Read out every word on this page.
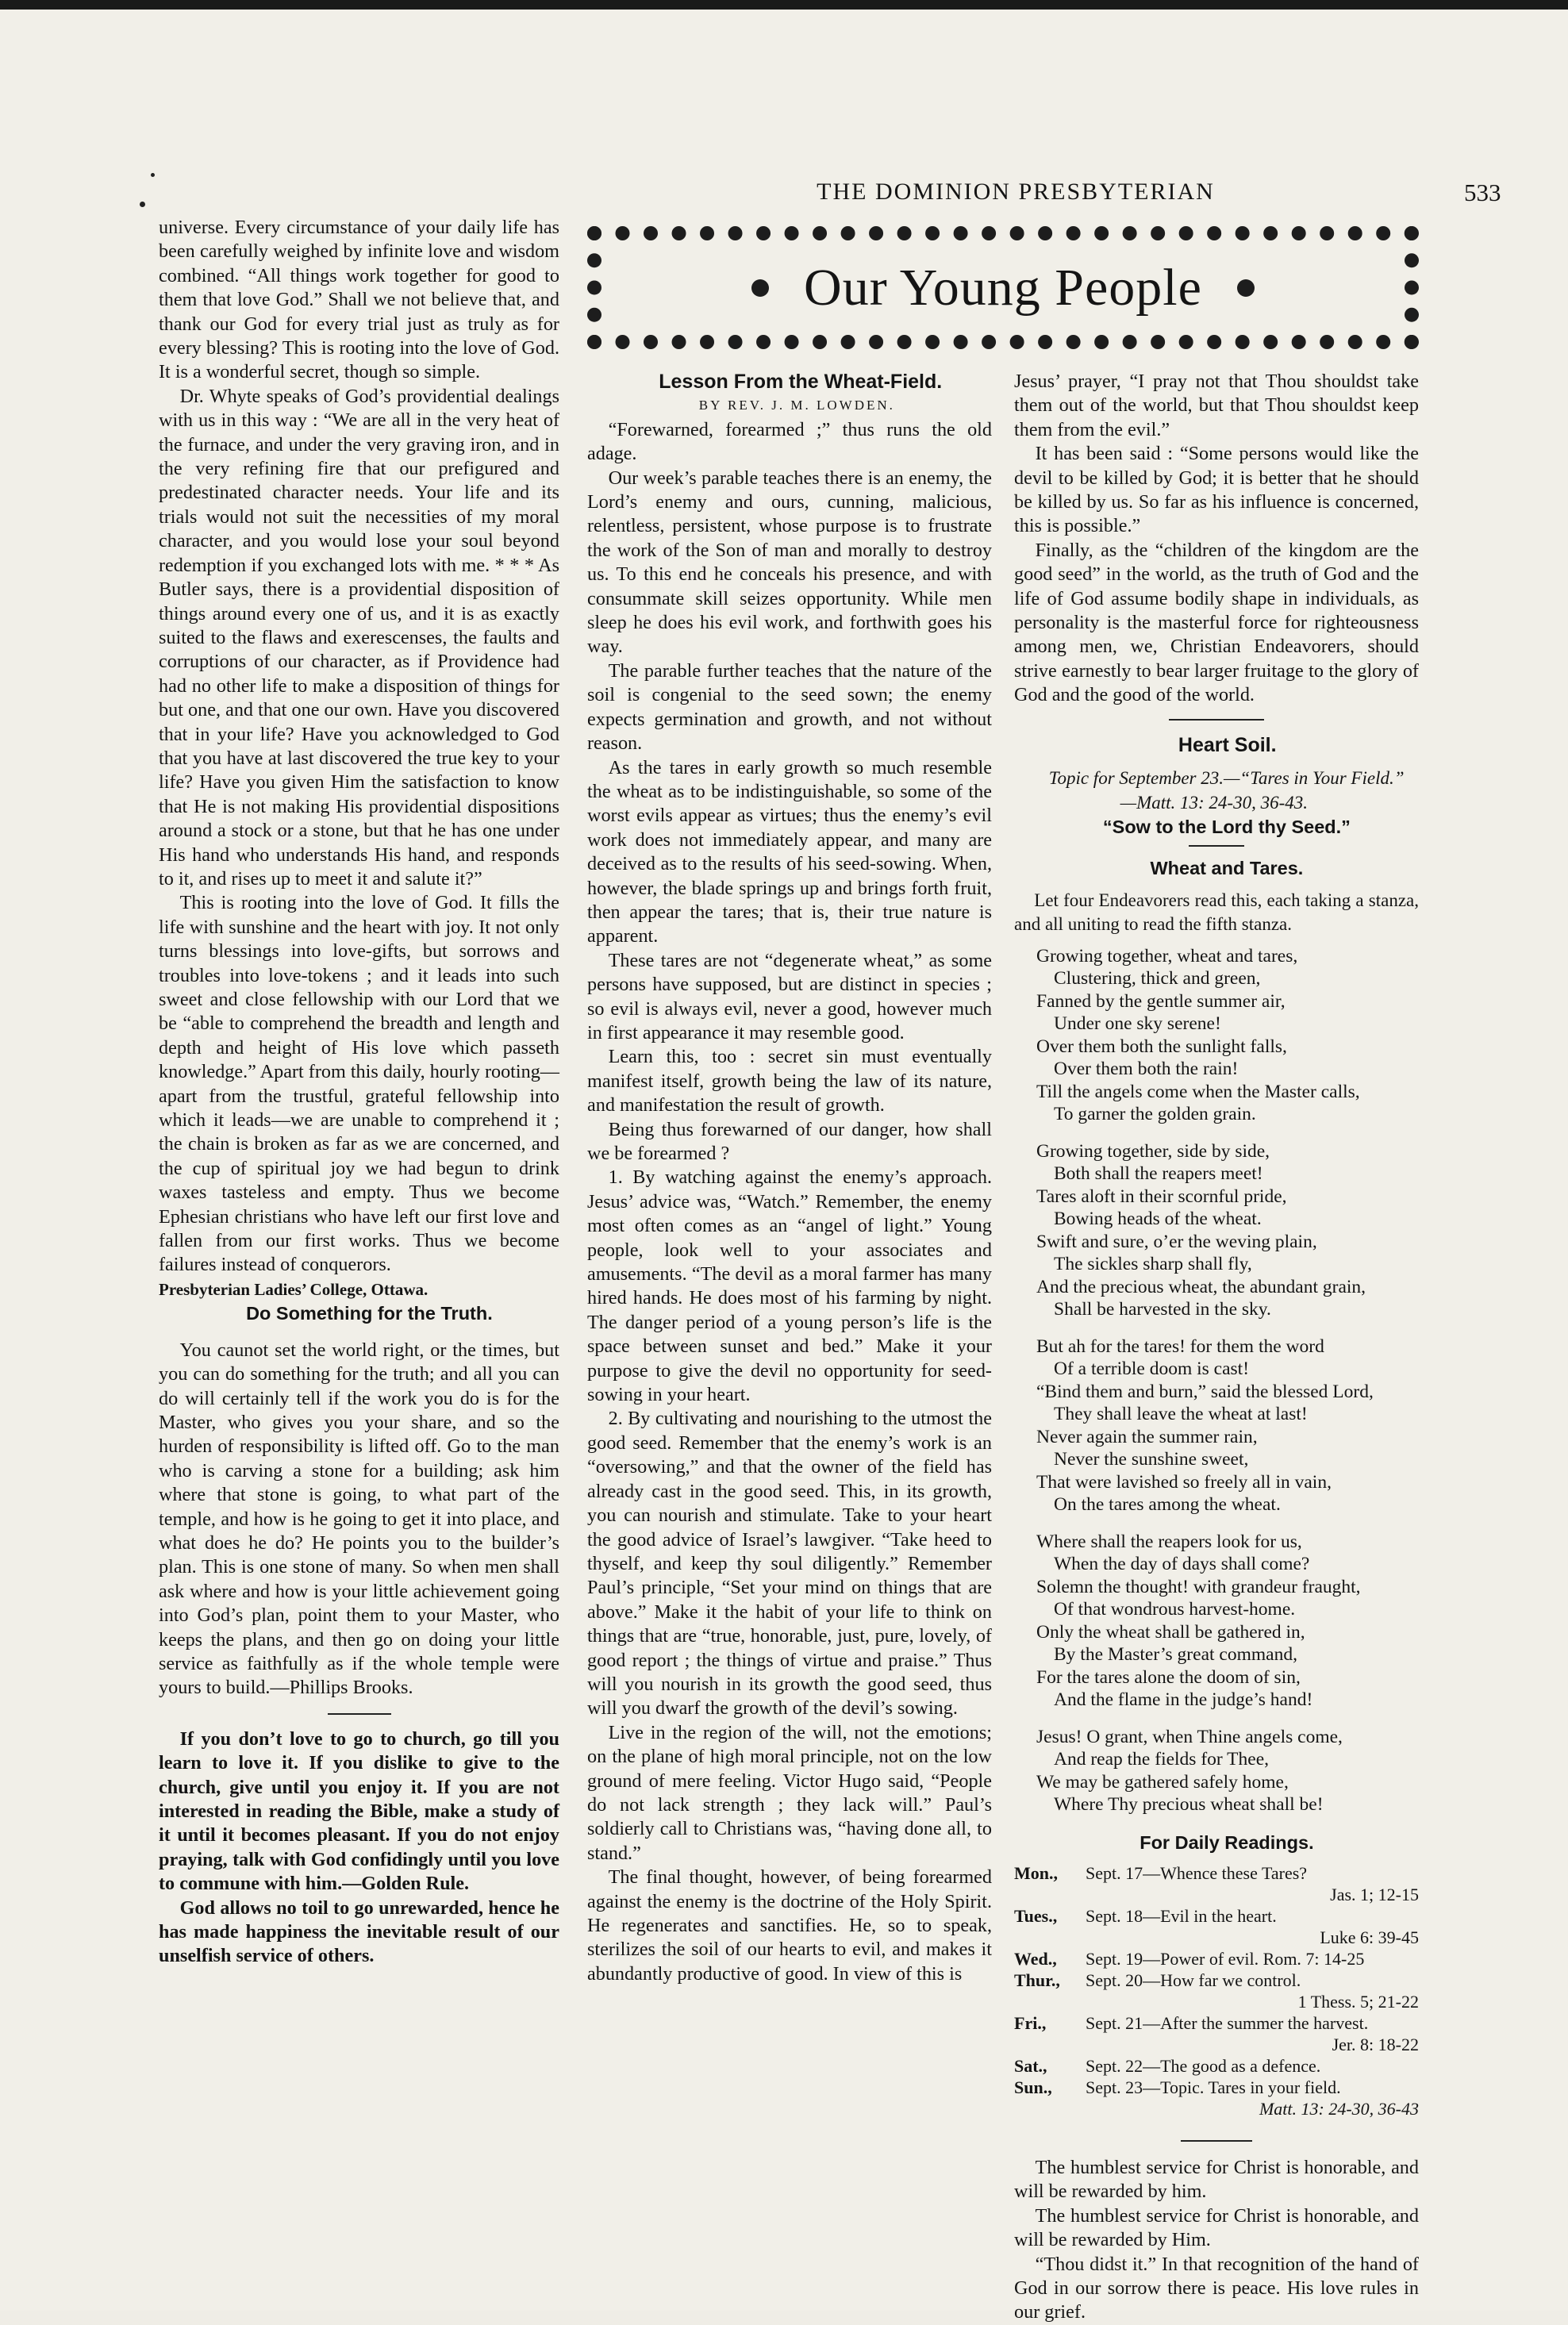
THE DOMINION PRESBYTERIAN	533

universe. Every circumstance of your daily life has been carefully weighed by infinite love and wisdom combined. “All things work together for good to them that love God.” Shall we not believe that, and thank our God for every trial just as truly as for every blessing? This is rooting into the love of God. It is a wonderful secret, though so simple.

Dr. Whyte speaks of God’s providential dealings with us in this way : “We are all in the very heat of the furnace, and under the very graving iron, and in the very refining fire that our prefigured and predestinated character needs. Your life and its trials would not suit the necessities of my moral character, and you would lose your soul beyond redemption if you exchanged lots with me. * * * As Butler says, there is a providential disposition of things around every one of us, and it is as exactly suited to the flaws and exerescenses, the faults and corruptions of our character, as if Providence had had no other life to make a disposition of things for but one, and that one our own. Have you discovered that in your life? Have you acknowledged to God that you have at last discovered the true key to your life? Have you given Him the satisfaction to know that He is not making His providential dispositions around a stock or a stone, but that he has one under His hand who understands His hand, and responds to it, and rises up to meet it and salute it?”

This is rooting into the love of God. It fills the life with sunshine and the heart with joy. It not only turns blessings into love-gifts, but sorrows and troubles into love-tokens ; and it leads into such sweet and close fellowship with our Lord that we be “able to comprehend the breadth and length and depth and height of His love which passeth knowledge.” Apart from this daily, hourly rooting—apart from the trustful, grateful fellowship into which it leads—we are unable to comprehend it ; the chain is broken as far as we are concerned, and the cup of spiritual joy we had begun to drink waxes tasteless and empty. Thus we become Ephesian christians who have left our first love and fallen from our first works. Thus we become failures instead of conquerors.

Presbyterian Ladies’ College, Ottawa.

Do Something for the Truth.

You caunot set the world right, or the times, but you can do something for the truth; and all you can do will certainly tell if the work you do is for the Master, who gives you your share, and so the hurden of responsibility is lifted off. Go to the man who is carving a stone for a building; ask him where that stone is going, to what part of the temple, and how is he going to get it into place, and what does he do? He points you to the builder’s plan. This is one stone of many. So when men shall ask where and how is your little achievement going into God’s plan, point them to your Master, who keeps the plans, and then go on doing your little service as faithfully as if the whole temple were yours to build.—Phillips Brooks.

If you don’t love to go to church, go till you learn to love it. If you dislike to give to the church, give until you enjoy it. If you are not interested in reading the Bible, make a study of it until it becomes pleasant. If you do not enjoy praying, talk with God confidingly until you love to commune with him.—Golden Rule.

God allows no toil to go unrewarded, hence he has made happiness the inevitable result of our unselfish service of others.

Our Young People

Lesson From the Wheat-Field.

BY REV. J. M. LOWDEN.

“Forewarned, forearmed ;” thus runs the old adage.

Our week’s parable teaches there is an enemy, the Lord’s enemy and ours, cunning, malicious, relentless, persistent, whose purpose is to frustrate the work of the Son of man and morally to destroy us. To this end he conceals his presence, and with consummate skill seizes opportunity. While men sleep he does his evil work, and forthwith goes his way.

The parable further teaches that the nature of the soil is congenial to the seed sown; the enemy expects germination and growth, and not without reason.

As the tares in early growth so much resemble the wheat as to be indistinguishable, so some of the worst evils appear as virtues; thus the enemy’s evil work does not immediately appear, and many are deceived as to the results of his seed-sowing. When, however, the blade springs up and brings forth fruit, then appear the tares; that is, their true nature is apparent.

These tares are not “degenerate wheat,” as some persons have supposed, but are distinct in species ; so evil is always evil, never a good, however much in first appearance it may resemble good.

Learn this, too : secret sin must eventually manifest itself, growth being the law of its nature, and manifestation the result of growth.

Being thus forewarned of our danger, how shall we be forearmed ?

1. By watching against the enemy’s approach. Jesus’ advice was, “Watch.” Remember, the enemy most often comes as an “angel of light.” Young people, look well to your associates and amusements. “The devil as a moral farmer has many hired hands. He does most of his farming by night. The danger period of a young person’s life is the space between sunset and bed.” Make it your purpose to give the devil no opportunity for seed-sowing in your heart.

2. By cultivating and nourishing to the utmost the good seed. Remember that the enemy’s work is an “oversowing,” and that the owner of the field has already cast in the good seed. This, in its growth, you can nourish and stimulate. Take to your heart the good advice of Israel’s lawgiver. “Take heed to thyself, and keep thy soul diligently.” Remember Paul’s principle, “Set your mind on things that are above.” Make it the habit of your life to think on things that are “true, honorable, just, pure, lovely, of good report ; the things of virtue and praise.” Thus will you nourish in its growth the good seed, thus will you dwarf the growth of the devil’s sowing.

Live in the region of the will, not the emotions; on the plane of high moral principle, not on the low ground of mere feeling. Victor Hugo said, “People do not lack strength ; they lack will.” Paul’s soldierly call to Christians was, “having done all, to stand.”

The final thought, however, of being forearmed against the enemy is the doctrine of the Holy Spirit. He regenerates and sanctifies. He, so to speak, sterilizes the soil of our hearts to evil, and makes it abundantly productive of good. In view of this is

Jesus’ prayer, “I pray not that Thou shouldst take them out of the world, but that Thou shouldst keep them from the evil.”

It has been said : “Some persons would like the devil to be killed by God; it is better that he should be killed by us. So far as his influence is concerned, this is possible.”

Finally, as the “children of the kingdom are the good seed” in the world, as the truth of God and the life of God assume bodily shape in individuals, as personality is the masterful force for righteousness among men, we, Christian Endeavorers, should strive earnestly to bear larger fruitage to the glory of God and the good of the world.

Heart Soil.

Topic for September 23.—“Tares in Your Field.”

—Matt. 13: 24-30, 36-43.

“Sow to the Lord thy Seed.”

Wheat and Tares.

Let four Endeavorers read this, each taking a stanza, and all uniting to read the fifth stanza.

Growing together, wheat and tares,
Clustering, thick and green,
Fanned by the gentle summer air,
Under one sky serene!
Over them both the sunlight falls,
Over them both the rain!
Till the angels come when the Master calls,
To garner the golden grain.
Growing together, side by side,
Both shall the reapers meet!
Tares aloft in their scornful pride,
Bowing heads of the wheat.
Swift and sure, o’er the weving plain,
The sickles sharp shall fly,
And the precious wheat, the abundant grain,
Shall be harvested in the sky.
But ah for the tares! for them the word
Of a terrible doom is cast!
“Bind them and burn,” said the blessed Lord,
They shall leave the wheat at last!
Never again the summer rain,
Never the sunshine sweet,
That were lavished so freely all in vain,
On the tares among the wheat.
Where shall the reapers look for us,
When the day of days shall come?
Solemn the thought! with grandeur fraught,
Of that wondrous harvest-home.
Only the wheat shall be gathered in,
By the Master’s great command,
For the tares alone the doom of sin,
And the flame in the judge’s hand!
Jesus! O grant, when Thine angels come,
And reap the fields for Thee,
We may be gathered safely home,
Where Thy precious wheat shall be!

For Daily Readings.

Mon.,	Sept. 17—Whence these Tares?
Jas. 1; 12-15

Tues.,	Sept. 18—Evil in the heart.
Luke 6: 39-45

Wed.,	Sept. 19—Power of evil. Rom. 7: 14-25

Thur.,	Sept. 20—How far we control.
1 Thess. 5; 21-22

Fri.,	Sept. 21—After the summer the harvest.
Jer. 8: 18-22

Sat.,	Sept. 22—The good as a defence.

Sun.,	Sept. 23—Topic. Tares in your field.
Matt. 13: 24-30, 36-43

The humblest service for Christ is honorable, and will be rewarded by him.

The humblest service for Christ is honorable, and will be rewarded by Him.

“Thou didst it.” In that recognition of the hand of God in our sorrow there is peace. His love rules in our grief.
